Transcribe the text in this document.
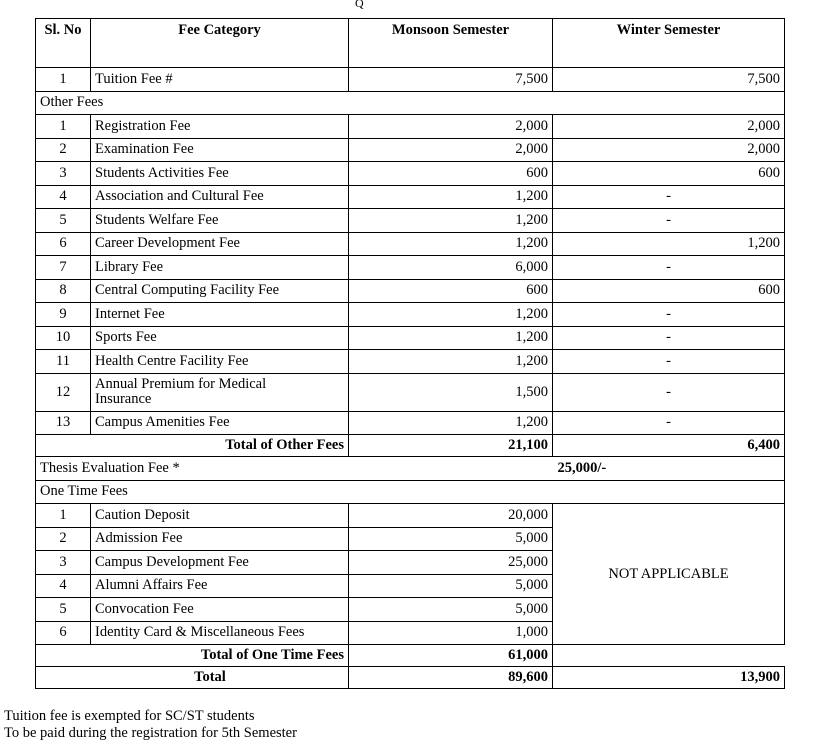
Q
Sl. No	Fee Category	Monsoon Semester	Winter Semester
1	Tuition Fee #	7,500	7,500
Other Fees			
1	Registration Fee	2,000	2,000
2	Examination Fee	2,000	2,000
3	Students Activities Fee	600	600
4	Association and Cultural Fee	1,200	-
5	Students Welfare Fee	1,200	-
6	Career Development Fee	1,200	1,200
7	Library Fee	6,000	-
8	Central Computing Facility Fee	600	600
9	Internet Fee	1,200	-
10	Sports Fee	1,200	-
11	Health Centre Facility Fee	1,200	-
12	Annual Premium for Medical Insurance	1,500	-
13	Campus Amenities Fee	1,200	-
Total of Other Fees		21,100	6,400
Thesis Evaluation Fee *			25,000/-
One Time Fees			
1	Caution Deposit	20,000	NOT APPLICABLE
2	Admission Fee	5,000	
3	Campus Development Fee	25,000	
4	Alumni Affairs Fee	5,000	
5	Convocation Fee	5,000	
6	Identity Card & Miscellaneous Fees	1,000	
Total of One Time Fees		61,000	
Total		89,600	13,900
Tuition fee is exempted for SC/ST students
To be paid during the registration for 5th Semester
